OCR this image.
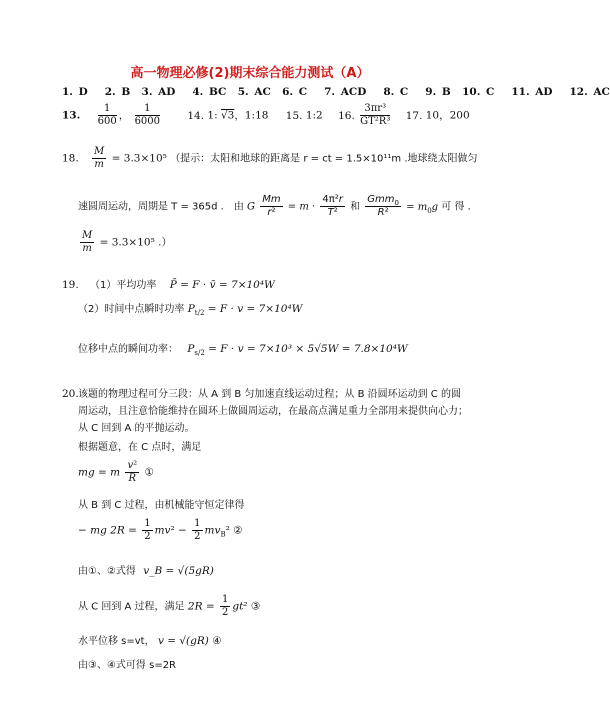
高一物理必修(2)期末综合能力测试（A）
1. D 2. B 3. AD 4. BC 5. AC 6. C 7. ACD 8. C 9. B 10. C 11. AD 12. AC
13. $\frac{1}{600}$ ， $\frac{1}{6000}$	14. 1: √3，1:18 15. 1:2 16. $\frac{\text{3πr³}}{\text{GT²R³}} 17$. 10，200
18. $\frac{M}{m} = 3.3\times 10^5$ （提示：太阳和地球的距离是 r = ct = 1.5×10¹¹m .地球绕太阳做匀
速圆周运动，周期是 T = 365d ． 由 G $\frac{Mm}{\text{r²}} = m \cdot \frac{\text{4π²r}}{\text{T²}}$ 和 $\frac{Gmm_0}{\text{R²}} = m_0g$ 可 得 ．
$\frac{M}{m} = 3.3\times 10^5$ .）
19. （1）平均功率 P̄ = F · v̄ = 7×10⁴W
（2）时间中点瞬时功率 $P_{t/2} = F \cdot v = 7\times 10^4W$
位移中点的瞬间功率： $P_{s/2} = F \cdot v = 7\times 10^3 \times 5√5W = 7.8\times 10^4W$
20. 该题的物理过程可分三段：从 A 到 B 匀加速直线运动过程；从 B 沿圆环运动到 C 的圆周运动，且注意恰能维持在圆环上做圆周运动，在最高点满足重力全部用来提供向心力；从 C 回到 A 的平抛运动。
根据题意，在 C 点时，满足
mg = m $\frac{\text{v²}}{R}$ ①
从 B 到 C 过程，由机械能守恒定律得
− mg $2R = \frac{1}{2} mv^2 - \frac{1}{2} mv_B^2$ ②
由①、②式得 v_B = √(5gR)
从 C 回到 A 过程，满足 $2R = \frac{1}{2} gt^2$ ③
水平位移 s=vt， v = √(gR) ④
由③、④式可得 s=2R
